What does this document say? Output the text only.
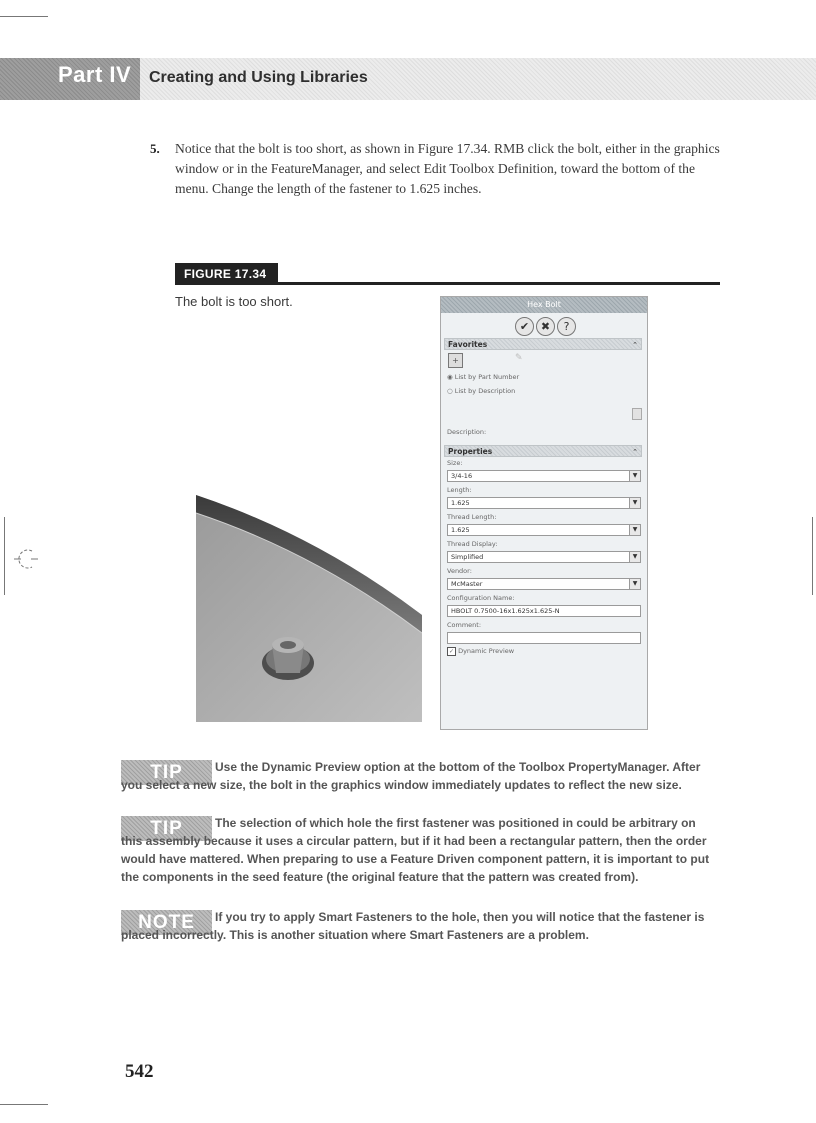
Part IV Creating and Using Libraries
5. Notice that the bolt is too short, as shown in Figure 17.34. RMB click the bolt, either in the graphics window or in the FeatureManager, and select Edit Toolbox Definition, toward the bottom of the menu. Change the length of the fastener to 1.625 inches.
FIGURE 17.34
The bolt is too short.	Hex Bolt
✔	✖	?
Favorites	⌃
+	✎
◉ List by Part Number
○ List by Description
Description:
Properties	⌃
Size:
3/4-16	▼
Length:
1.625	▼
Thread Length:
1.625	▼
Thread Display:
Simplified	▼
Vendor:
McMaster	▼
Configuration Name:
HBOLT 0.7500-16x1.625x1.625-N
Comment:
✓ Dynamic Preview
TIP	Use the Dynamic Preview option at the bottom of the Toolbox PropertyManager. After you select a new size, the bolt in the graphics window immediately updates to reflect the new size.
TIP	The selection of which hole the first fastener was positioned in could be arbitrary on this assembly because it uses a circular pattern, but if it had been a rectangular pattern, then the order would have mattered. When preparing to use a Feature Driven component pattern, it is important to put the components in the seed feature (the original feature that the pattern was created from).
NOTE	If you try to apply Smart Fasteners to the hole, then you will notice that the fastener is placed incorrectly. This is another situation where Smart Fasteners are a problem.
542
